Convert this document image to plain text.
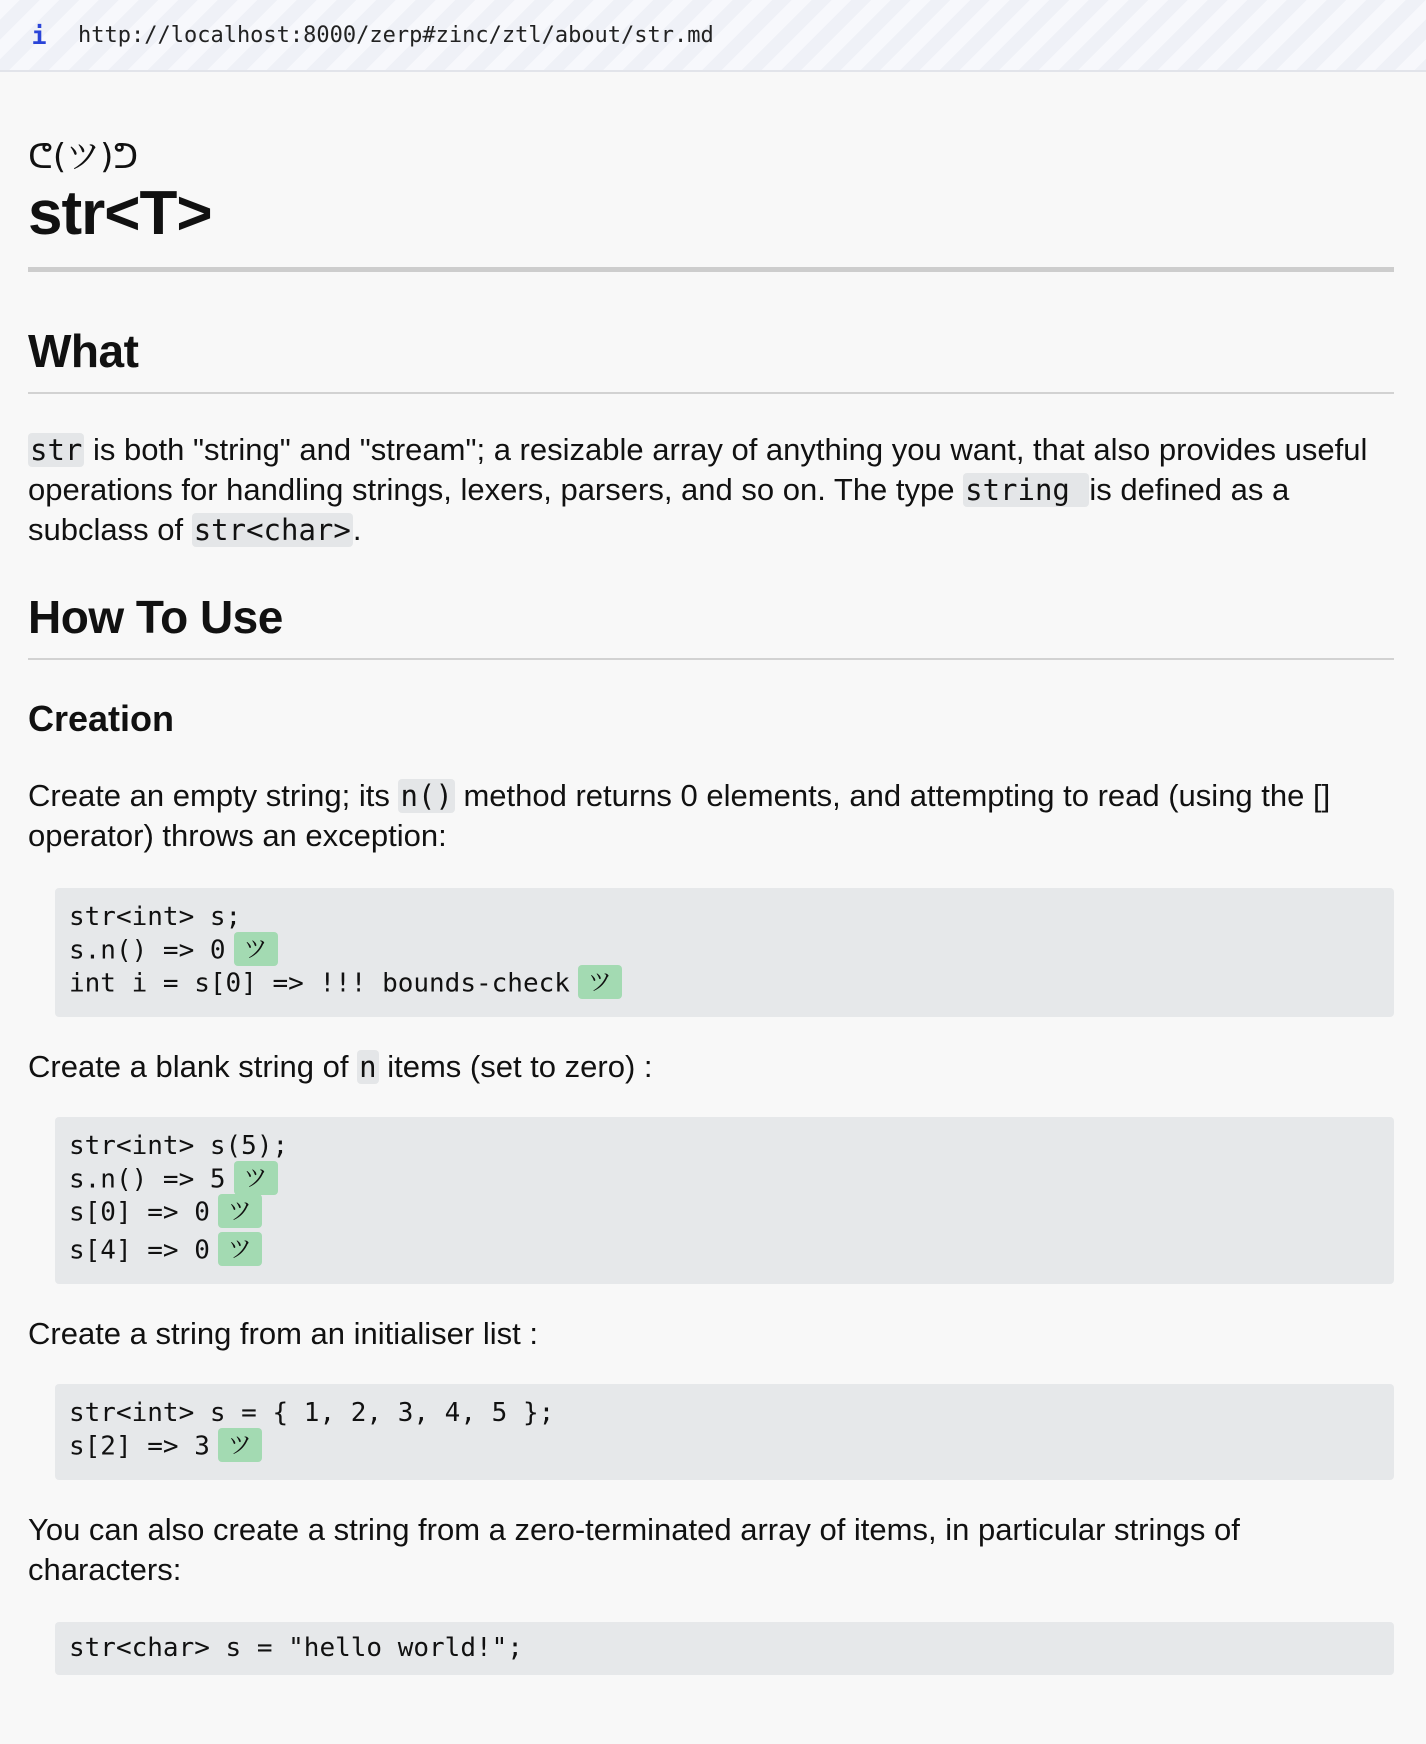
i http://localhost:8000/zerp#zinc/ztl/about/str.md
ᕦ(ツ)ᕤ
str<T>
What

str is both "string" and "stream"; a resizable array of anything you want, that also provides useful operations for handling strings, lexers, parsers, and so on. The type string is defined as a subclass of str<char>.

How To Use
Creation

Create an empty string; its n() method returns 0 elements, and attempting to read (using the [] operator) throws an exception:

str<int> s;
s.n() => 0 ツ
int i = s[0] => !!! bounds-check ツ

Create a blank string of n items (set to zero) :

str<int> s(5);
s.n() => 5 ツ
s[0] => 0 ツ
s[4] => 0 ツ

Create a string from an initialiser list :

str<int> s = { 1, 2, 3, 4, 5 };
s[2] => 3 ツ

You can also create a string from a zero-terminated array of items, in particular strings of characters:

str<char> s = "hello world!";
